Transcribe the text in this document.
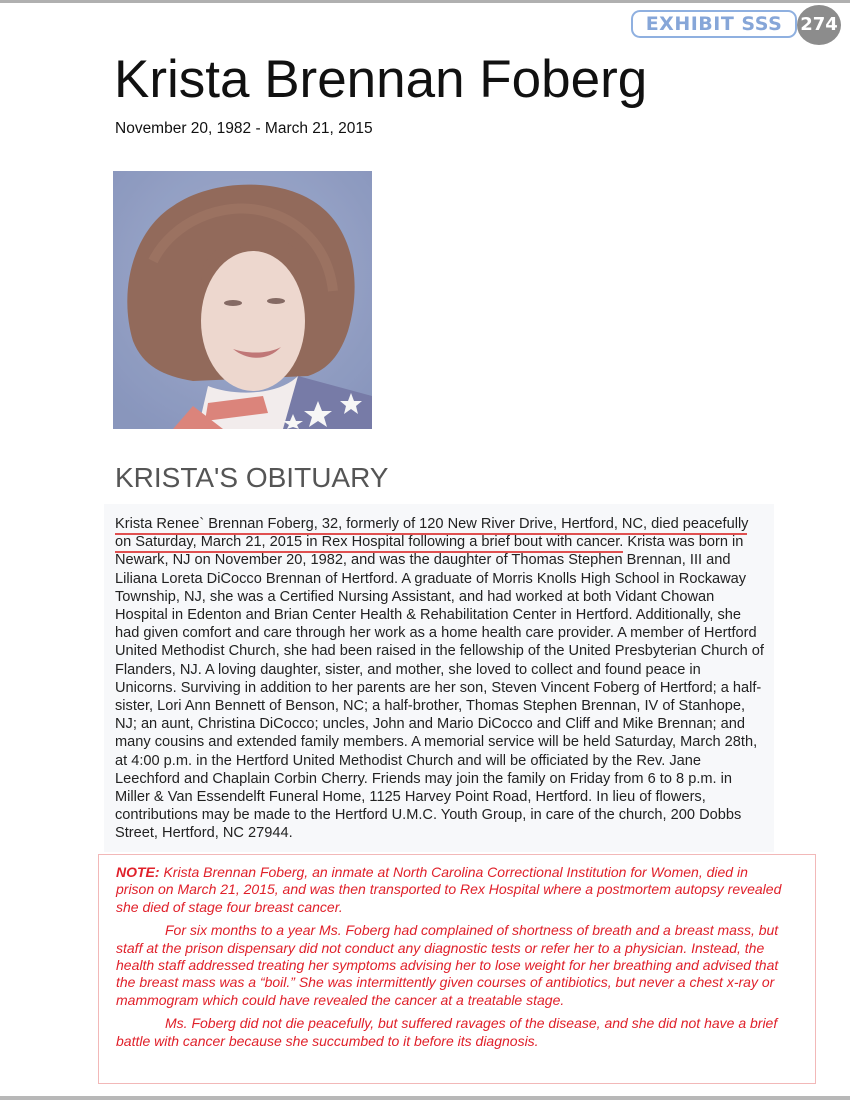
EXHIBIT SSS 274
Krista Brennan Foberg
November 20, 1982 - March 21, 2015
KRISTA'S OBITUARY
Krista Renee` Brennan Foberg, 32, formerly of 120 New River Drive, Hertford, NC, died peacefully
on Saturday, March 21, 2015 in Rex Hospital following a brief bout with cancer.
Krista was born in
Newark, NJ on November 20, 1982, and was the daughter of Thomas Stephen Brennan, III and
Liliana Loreta DiCocco Brennan of Hertford. A graduate of Morris Knolls High School in Rockaway
Township, NJ, she was a Certified Nursing Assistant, and had worked at both Vidant Chowan
Hospital in Edenton and Brian Center Health & Rehabilitation Center in Hertford. Additionally, she
had given comfort and care through her work as a home health care provider. A member of Hertford
United Methodist Church, she had been raised in the fellowship of the United Presbyterian Church of
Flanders, NJ. A loving daughter, sister, and mother, she loved to collect and found peace in
Unicorns. Surviving in addition to her parents are her son, Steven Vincent Foberg of Hertford; a half-
sister, Lori Ann Bennett of Benson, NC; a half-brother, Thomas Stephen Brennan, IV of Stanhope,
NJ; an aunt, Christina DiCocco; uncles, John and Mario DiCocco and Cliff and Mike Brennan; and
many cousins and extended family members. A memorial service will be held Saturday, March 28th,
at 4:00 p.m. in the Hertford United Methodist Church and will be officiated by the Rev. Jane
Leechford and Chaplain Corbin Cherry. Friends may join the family on Friday from 6 to 8 p.m. in
Miller & Van Essendelft Funeral Home, 1125 Harvey Point Road, Hertford. In lieu of flowers,
contributions may be made to the Hertford U.M.C. Youth Group, in care of the church, 200 Dobbs
Street, Hertford, NC 27944.
NOTE: Krista Brennan Foberg, an inmate at North Carolina Correctional Institution for Women, died in
prison on March 21, 2015, and was then transported to Rex Hospital where a postmortem autopsy revealed
she died of stage four breast cancer.
For six months to a year Ms. Foberg had complained of shortness of breath and a breast mass, but
staff at the prison dispensary did not conduct any diagnostic tests or refer her to a physician. Instead, the
health staff addressed treating her symptoms advising her to lose weight for her breathing and advised that
the breast mass was a “boil.” She was intermittently given courses of antibiotics, but never a chest x-ray or
mammogram which could have revealed the cancer at a treatable stage.
Ms. Foberg did not die peacefully, but suffered ravages of the disease, and she did not have a brief
battle with cancer because she succumbed to it before its diagnosis.
